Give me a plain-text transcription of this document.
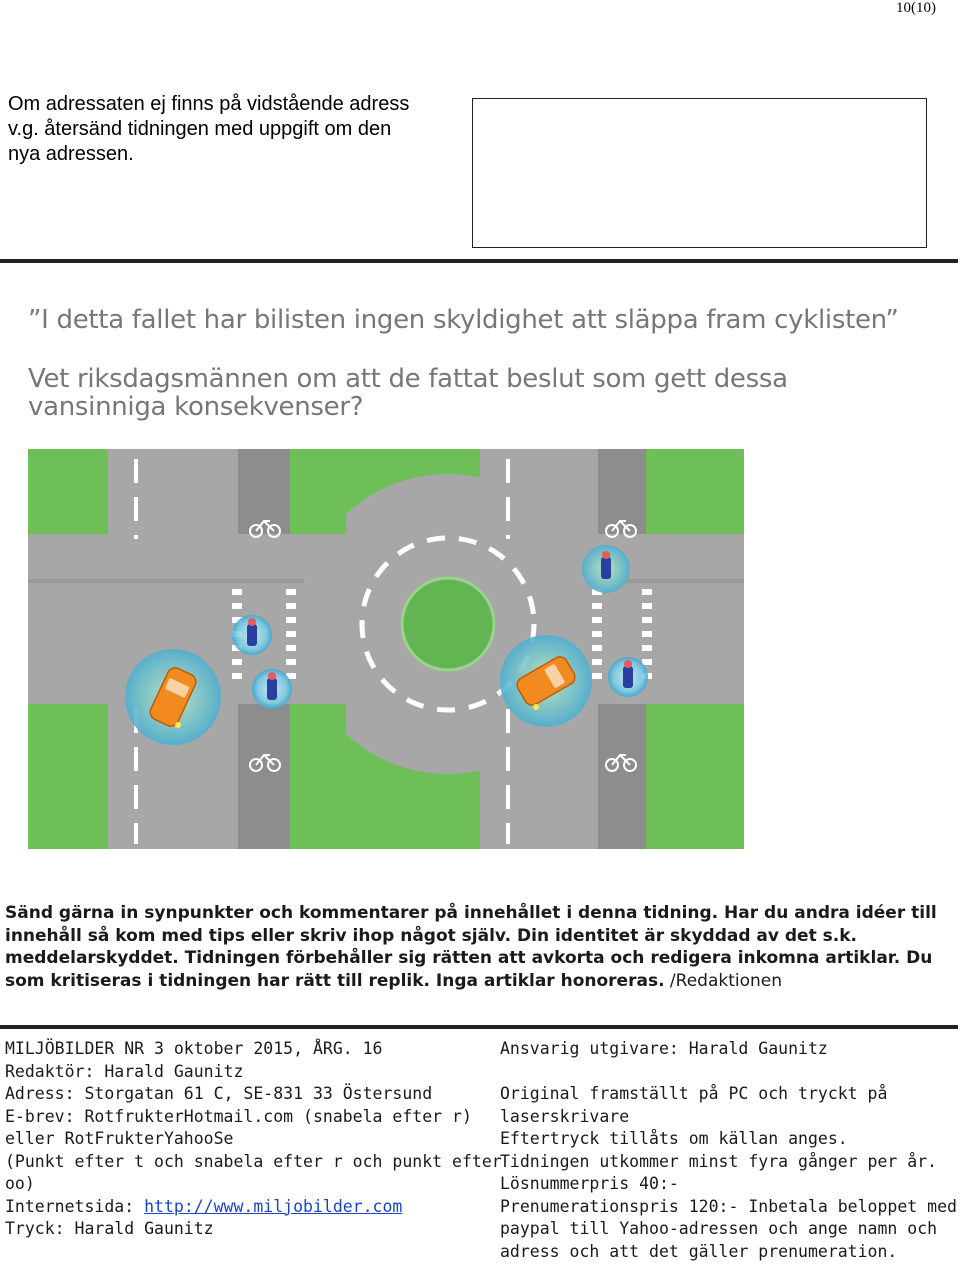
10(10)
Om adressaten ej finns på vidstående adress
v.g. återsänd tidningen med uppgift om den
nya adressen.
”I detta fallet har bilisten ingen skyldighet att släppa fram cyklisten”
Vet riksdagsmännen om att de fattat beslut som gett dessa vansinniga konsekvenser?
Sänd gärna in synpunkter och kommentarer på innehållet i denna tidning. Har du andra idéer till innehåll så kom med tips eller skriv ihop något själv. Din identitet är skyddad av det s.k. meddelarskyddet. Tidningen förbehåller sig rätten att avkorta och redigera inkomna artiklar. Du som kritiseras i tidningen har rätt till replik. Inga artiklar honoreras. /Redaktionen
MILJÖBILDER NR 3 oktober 2015, ÅRG. 16
Redaktör: Harald Gaunitz
Adress: Storgatan 61 C, SE-831 33 Östersund
E-brev: RotfrukterHotmail.com (snabela efter r)
eller RotFrukterYahooSe
(Punkt efter t och snabela efter r och punkt efter
oo)
Internetsida: http://www.miljobilder.com
Tryck: Harald Gaunitz
Ansvarig utgivare: Harald Gaunitz
Original framställt på PC och tryckt på
laserskrivare
Eftertryck tillåts om källan anges.
Tidningen utkommer minst fyra gånger per år.
Lösnummerpris 40:-
Prenumerationspris 120:- Inbetala beloppet med paypal till Yahoo-adressen och ange namn och adress och att det gäller prenumeration.
